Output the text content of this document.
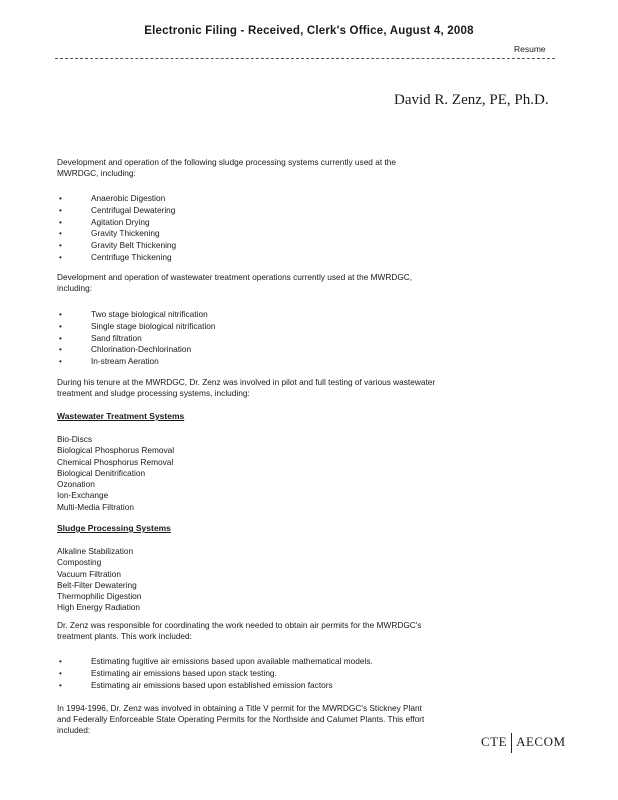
Electronic Filing - Received, Clerk's Office, August 4, 2008
Resume
David R. Zenz, PE, Ph.D.
Development and operation of the following sludge processing systems currently used at the MWRDGC, including:
• Anaerobic Digestion
• Centrifugal Dewatering
• Agitation Drying
• Gravity Thickening
• Gravity Belt Thickening
• Centrifuge Thickening
Development and operation of wastewater treatment operations currently used at the MWRDGC, including:
• Two stage biological nitrification
• Single stage biological nitrification
• Sand filtration
• Chlorination-Dechlorination
• In-stream Aeration
During his tenure at the MWRDGC, Dr. Zenz was involved in pilot and full testing of various wastewater treatment and sludge processing systems, including:
Wastewater Treatment Systems
Bio-Discs
Biological Phosphorus Removal
Chemical Phosphorus Removal
Biological Denitrification
Ozonation
Ion-Exchange
Multi-Media Filtration
Sludge Processing Systems
Alkaline Stabilization
Composting
Vacuum Filtration
Belt-Filter Dewatering
Thermophilic Digestion
High Energy Radiation
Dr. Zenz was responsible for coordinating the work needed to obtain air permits for the MWRDGC's treatment plants. This work included:
• Estimating fugitive air emissions based upon available mathematical models.
• Estimating air emissions based upon stack testing.
• Estimating air emissions based upon established emission factors
In 1994-1996, Dr. Zenz was involved in obtaining a Title V permit for the MWRDGC's Stickney Plant and Federally Enforceable State Operating Permits for the Northside and Calumet Plants. This effort included:
CTE AECOM
